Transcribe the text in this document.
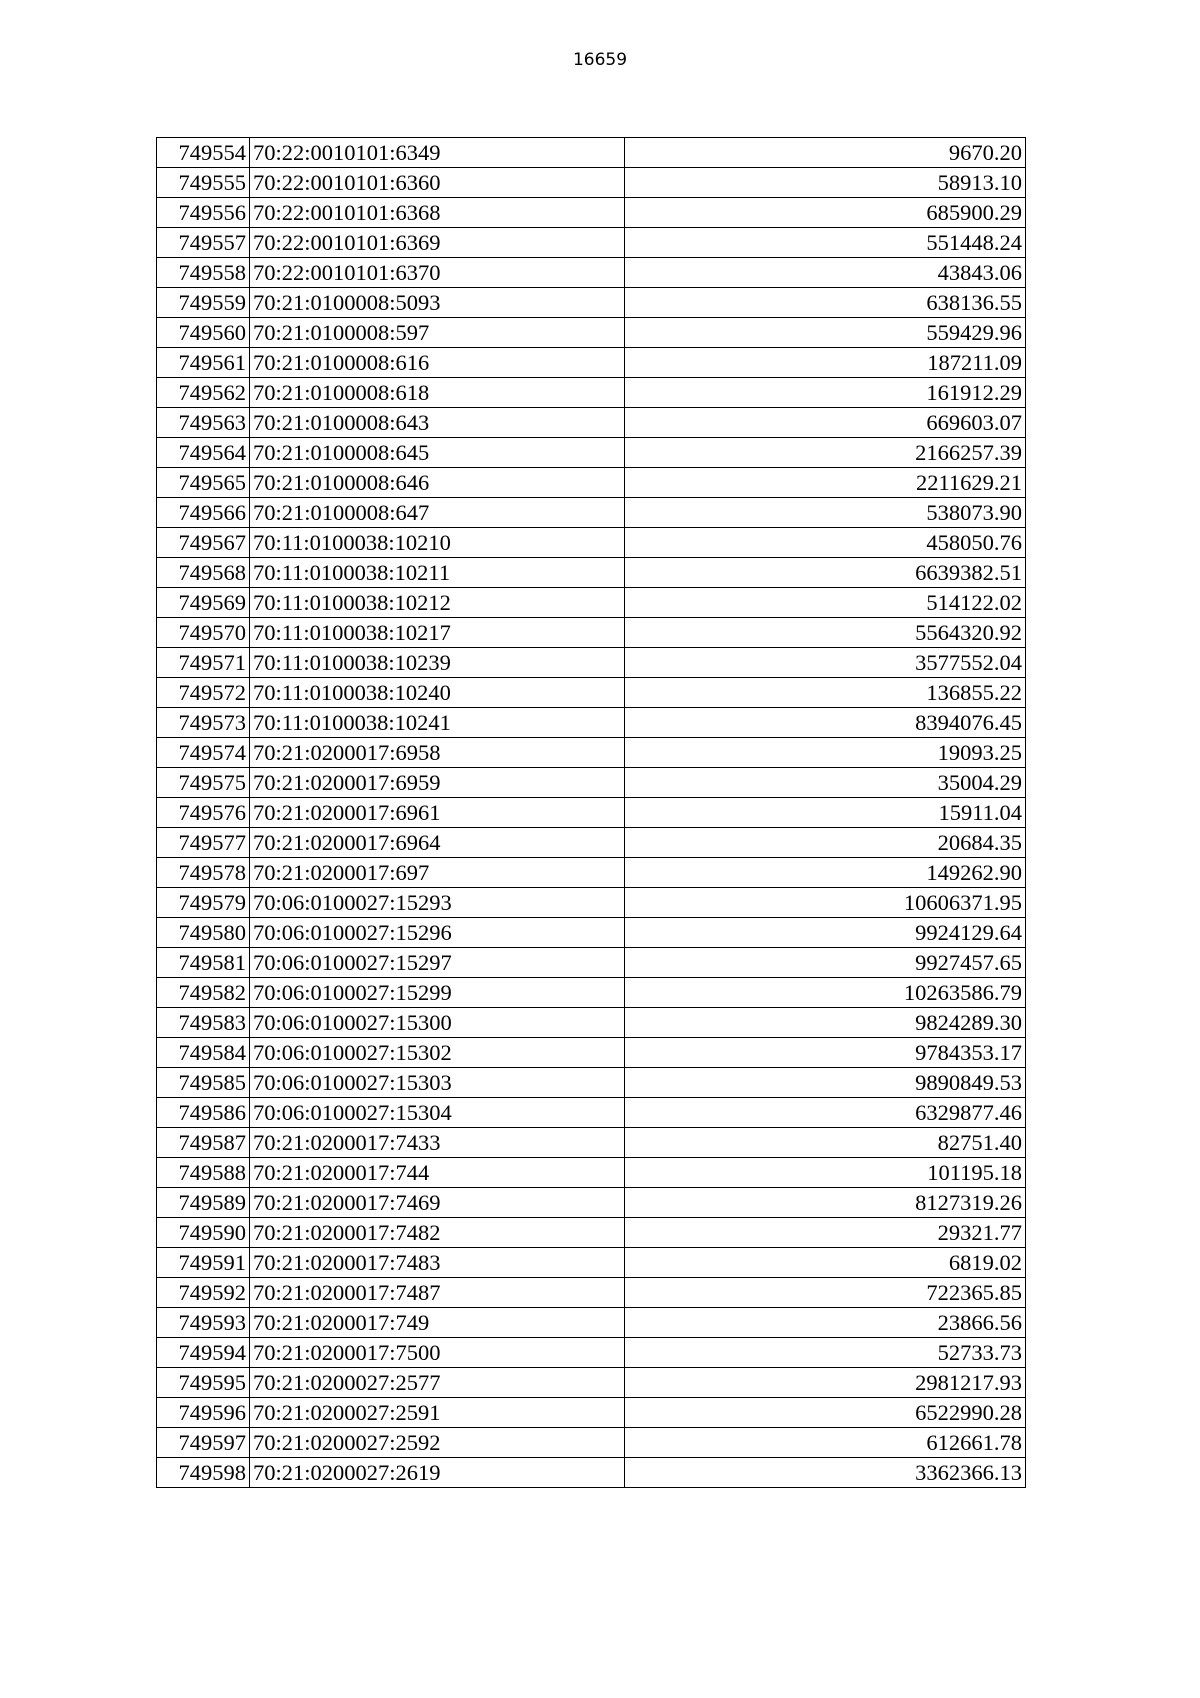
16659
749554	70:22:0010101:6349	9670.20
749555	70:22:0010101:6360	58913.10
749556	70:22:0010101:6368	685900.29
749557	70:22:0010101:6369	551448.24
749558	70:22:0010101:6370	43843.06
749559	70:21:0100008:5093	638136.55
749560	70:21:0100008:597	559429.96
749561	70:21:0100008:616	187211.09
749562	70:21:0100008:618	161912.29
749563	70:21:0100008:643	669603.07
749564	70:21:0100008:645	2166257.39
749565	70:21:0100008:646	2211629.21
749566	70:21:0100008:647	538073.90
749567	70:11:0100038:10210	458050.76
749568	70:11:0100038:10211	6639382.51
749569	70:11:0100038:10212	514122.02
749570	70:11:0100038:10217	5564320.92
749571	70:11:0100038:10239	3577552.04
749572	70:11:0100038:10240	136855.22
749573	70:11:0100038:10241	8394076.45
749574	70:21:0200017:6958	19093.25
749575	70:21:0200017:6959	35004.29
749576	70:21:0200017:6961	15911.04
749577	70:21:0200017:6964	20684.35
749578	70:21:0200017:697	149262.90
749579	70:06:0100027:15293	10606371.95
749580	70:06:0100027:15296	9924129.64
749581	70:06:0100027:15297	9927457.65
749582	70:06:0100027:15299	10263586.79
749583	70:06:0100027:15300	9824289.30
749584	70:06:0100027:15302	9784353.17
749585	70:06:0100027:15303	9890849.53
749586	70:06:0100027:15304	6329877.46
749587	70:21:0200017:7433	82751.40
749588	70:21:0200017:744	101195.18
749589	70:21:0200017:7469	8127319.26
749590	70:21:0200017:7482	29321.77
749591	70:21:0200017:7483	6819.02
749592	70:21:0200017:7487	722365.85
749593	70:21:0200017:749	23866.56
749594	70:21:0200017:7500	52733.73
749595	70:21:0200027:2577	2981217.93
749596	70:21:0200027:2591	6522990.28
749597	70:21:0200027:2592	612661.78
749598	70:21:0200027:2619	3362366.13
